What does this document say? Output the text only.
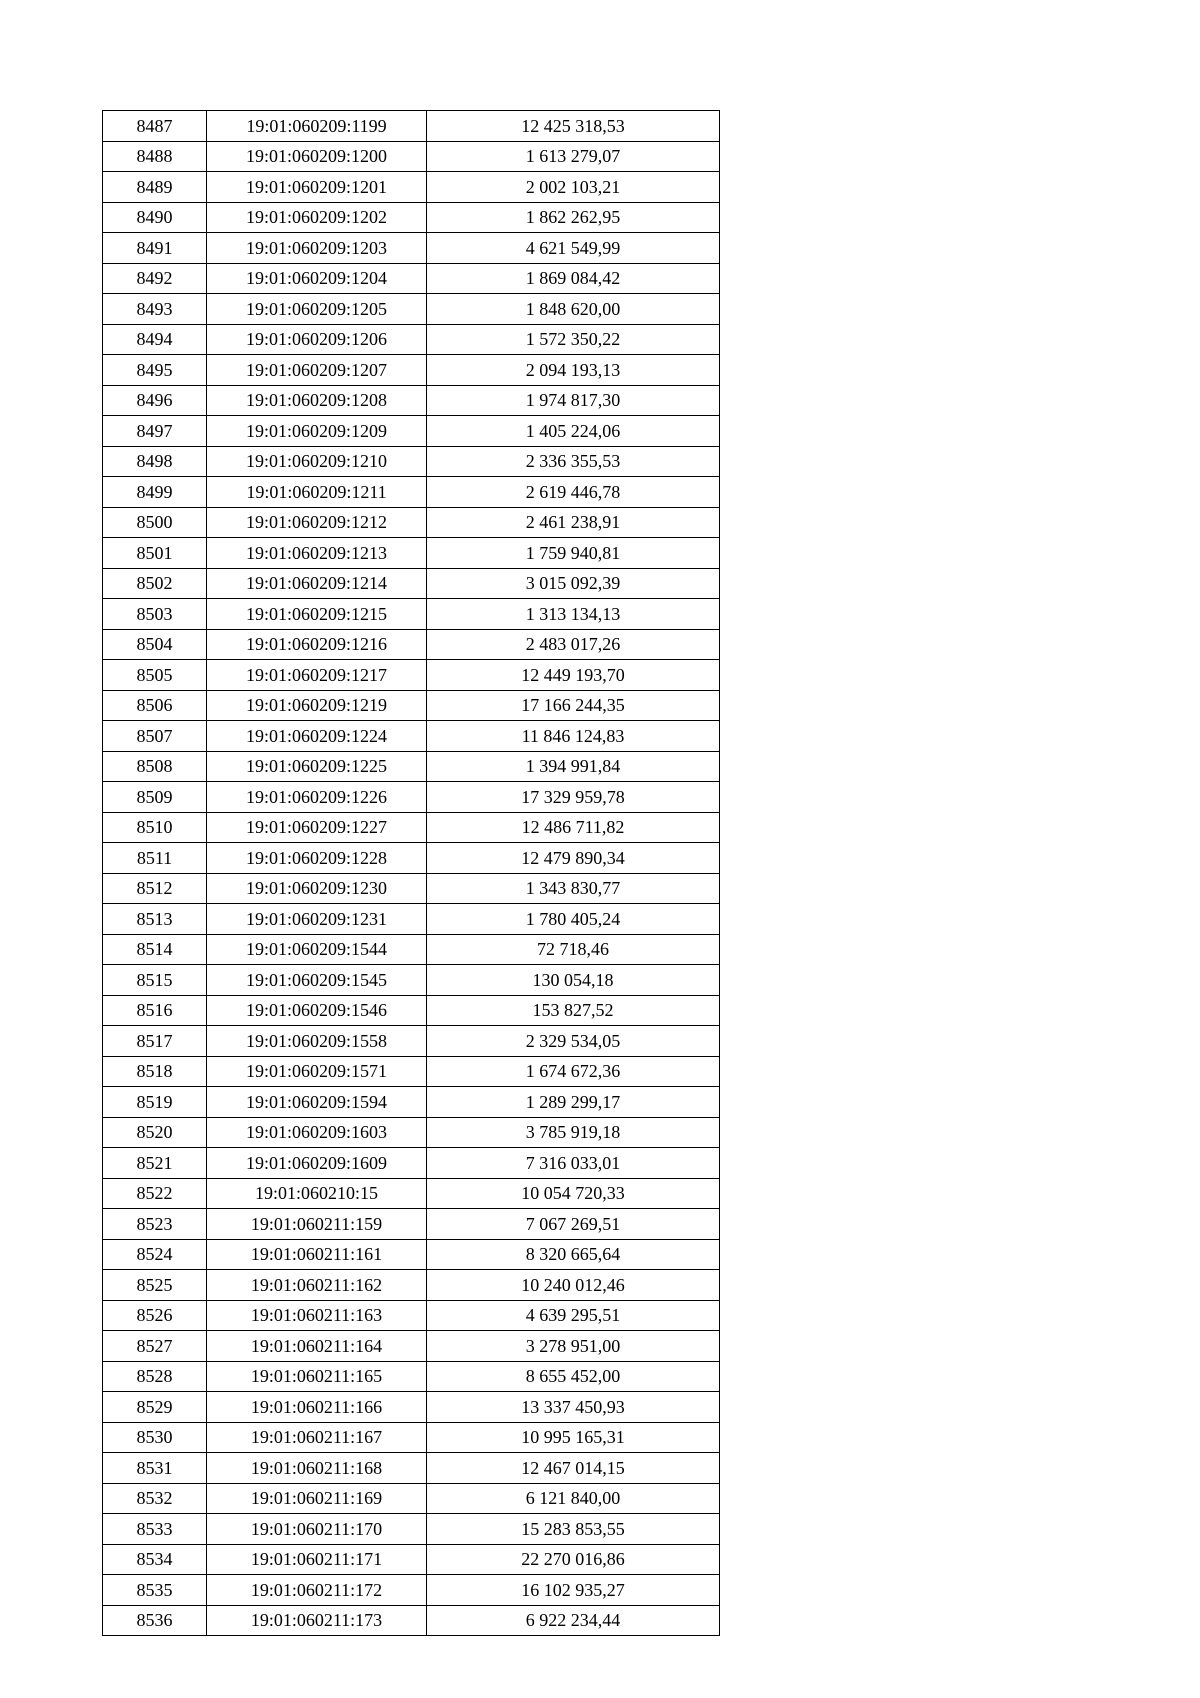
8487	19:01:060209:1199	12 425 318,53
8488	19:01:060209:1200	1 613 279,07
8489	19:01:060209:1201	2 002 103,21
8490	19:01:060209:1202	1 862 262,95
8491	19:01:060209:1203	4 621 549,99
8492	19:01:060209:1204	1 869 084,42
8493	19:01:060209:1205	1 848 620,00
8494	19:01:060209:1206	1 572 350,22
8495	19:01:060209:1207	2 094 193,13
8496	19:01:060209:1208	1 974 817,30
8497	19:01:060209:1209	1 405 224,06
8498	19:01:060209:1210	2 336 355,53
8499	19:01:060209:1211	2 619 446,78
8500	19:01:060209:1212	2 461 238,91
8501	19:01:060209:1213	1 759 940,81
8502	19:01:060209:1214	3 015 092,39
8503	19:01:060209:1215	1 313 134,13
8504	19:01:060209:1216	2 483 017,26
8505	19:01:060209:1217	12 449 193,70
8506	19:01:060209:1219	17 166 244,35
8507	19:01:060209:1224	11 846 124,83
8508	19:01:060209:1225	1 394 991,84
8509	19:01:060209:1226	17 329 959,78
8510	19:01:060209:1227	12 486 711,82
8511	19:01:060209:1228	12 479 890,34
8512	19:01:060209:1230	1 343 830,77
8513	19:01:060209:1231	1 780 405,24
8514	19:01:060209:1544	72 718,46
8515	19:01:060209:1545	130 054,18
8516	19:01:060209:1546	153 827,52
8517	19:01:060209:1558	2 329 534,05
8518	19:01:060209:1571	1 674 672,36
8519	19:01:060209:1594	1 289 299,17
8520	19:01:060209:1603	3 785 919,18
8521	19:01:060209:1609	7 316 033,01
8522	19:01:060210:15	10 054 720,33
8523	19:01:060211:159	7 067 269,51
8524	19:01:060211:161	8 320 665,64
8525	19:01:060211:162	10 240 012,46
8526	19:01:060211:163	4 639 295,51
8527	19:01:060211:164	3 278 951,00
8528	19:01:060211:165	8 655 452,00
8529	19:01:060211:166	13 337 450,93
8530	19:01:060211:167	10 995 165,31
8531	19:01:060211:168	12 467 014,15
8532	19:01:060211:169	6 121 840,00
8533	19:01:060211:170	15 283 853,55
8534	19:01:060211:171	22 270 016,86
8535	19:01:060211:172	16 102 935,27
8536	19:01:060211:173	6 922 234,44
